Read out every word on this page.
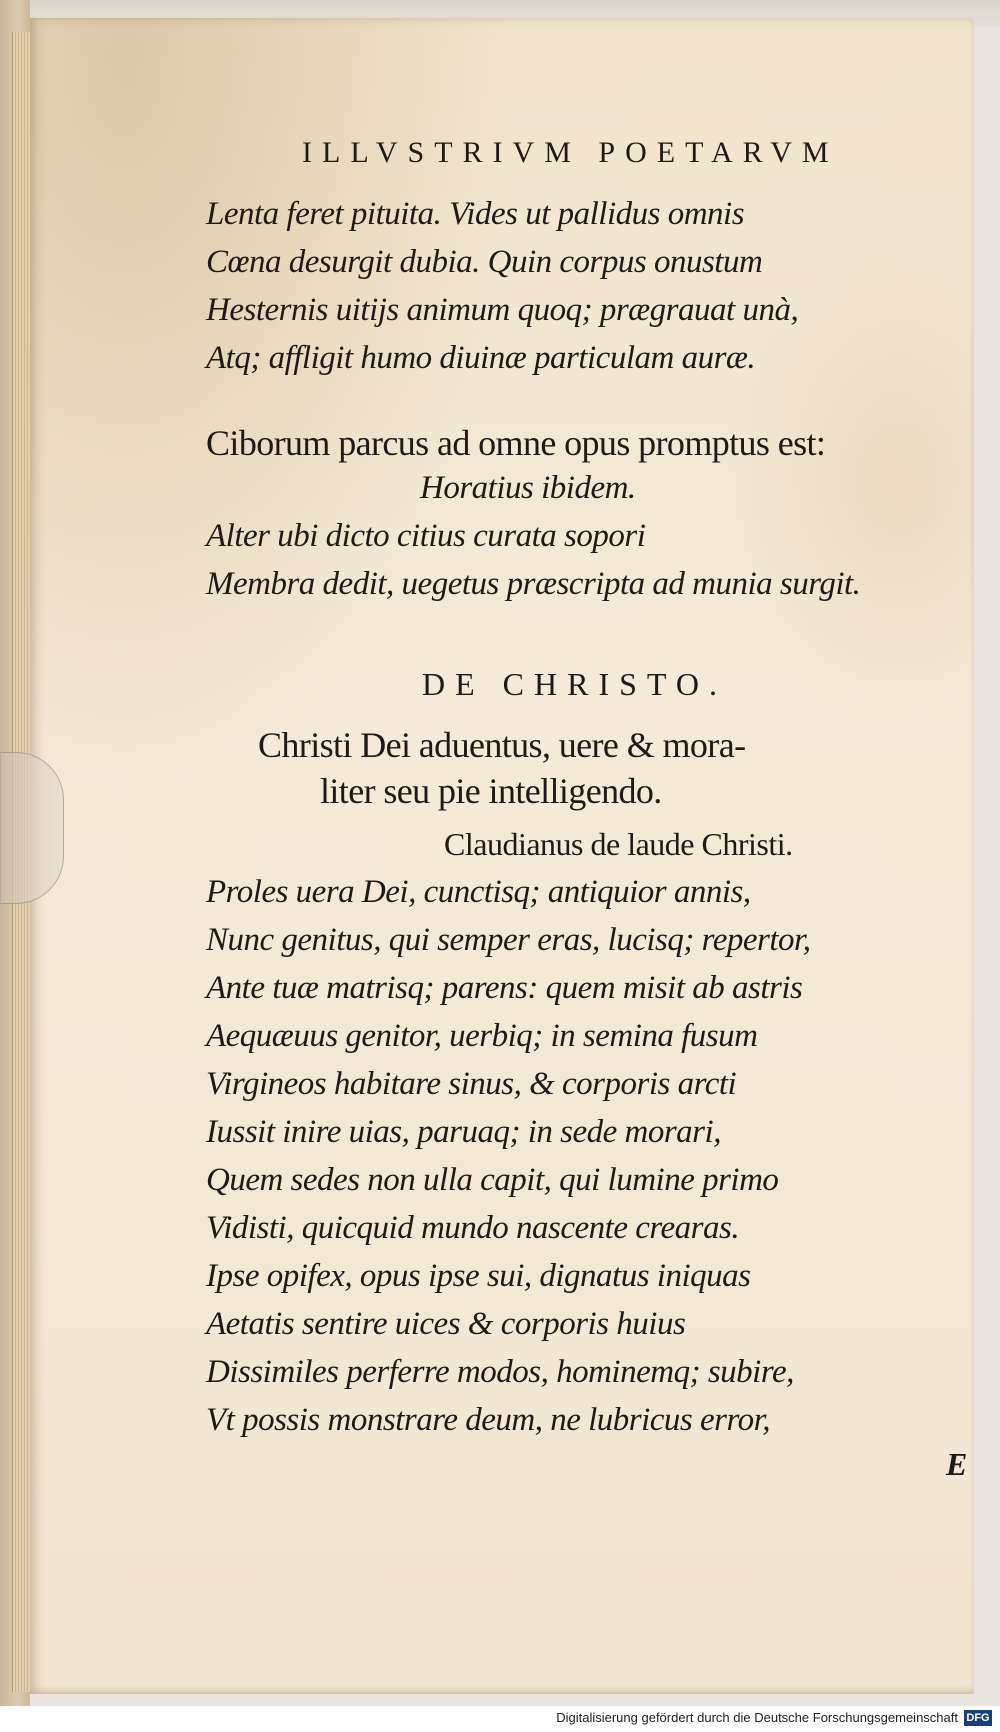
ILLVSTRIVM POETARVM
Lenta feret pituita. Vides ut pallidus omnis
Cœna desurgit dubia. Quin corpus onustum
Hesternis uitijs animum quoq; prægrauat unà,
Atq; affligit humo diuinæ particulam auræ.
Ciborum parcus ad omne opus promptus est:
Horatius ibidem.
Alter ubi dicto citius curata sopori
Membra dedit, uegetus præscripta ad munia surgit.
DE CHRISTO.
Christi Dei aduentus, uere & mora-
liter seu pie intelligendo.
Claudianus de laude Christi.
Proles uera Dei, cunctisq; antiquior annis,
Nunc genitus, qui semper eras, lucisq; repertor,
Ante tuæ matrisq; parens: quem misit ab astris
Aequæuus genitor, uerbiq; in semina fusum
Virgineos habitare sinus, & corporis arcti
Iussit inire uias, paruaq; in sede morari,
Quem sedes non ulla capit, qui lumine primo
Vidisti, quicquid mundo nascente crearas.
Ipse opifex, opus ipse sui, dignatus iniquas
Aetatis sentire uices & corporis huius
Dissimiles perferre modos, hominemq; subire,
Vt possis monstrare deum, ne lubricus error,
E
Digitalisierung gefördert durch die Deutsche Forschungsgemeinschaft DFG
